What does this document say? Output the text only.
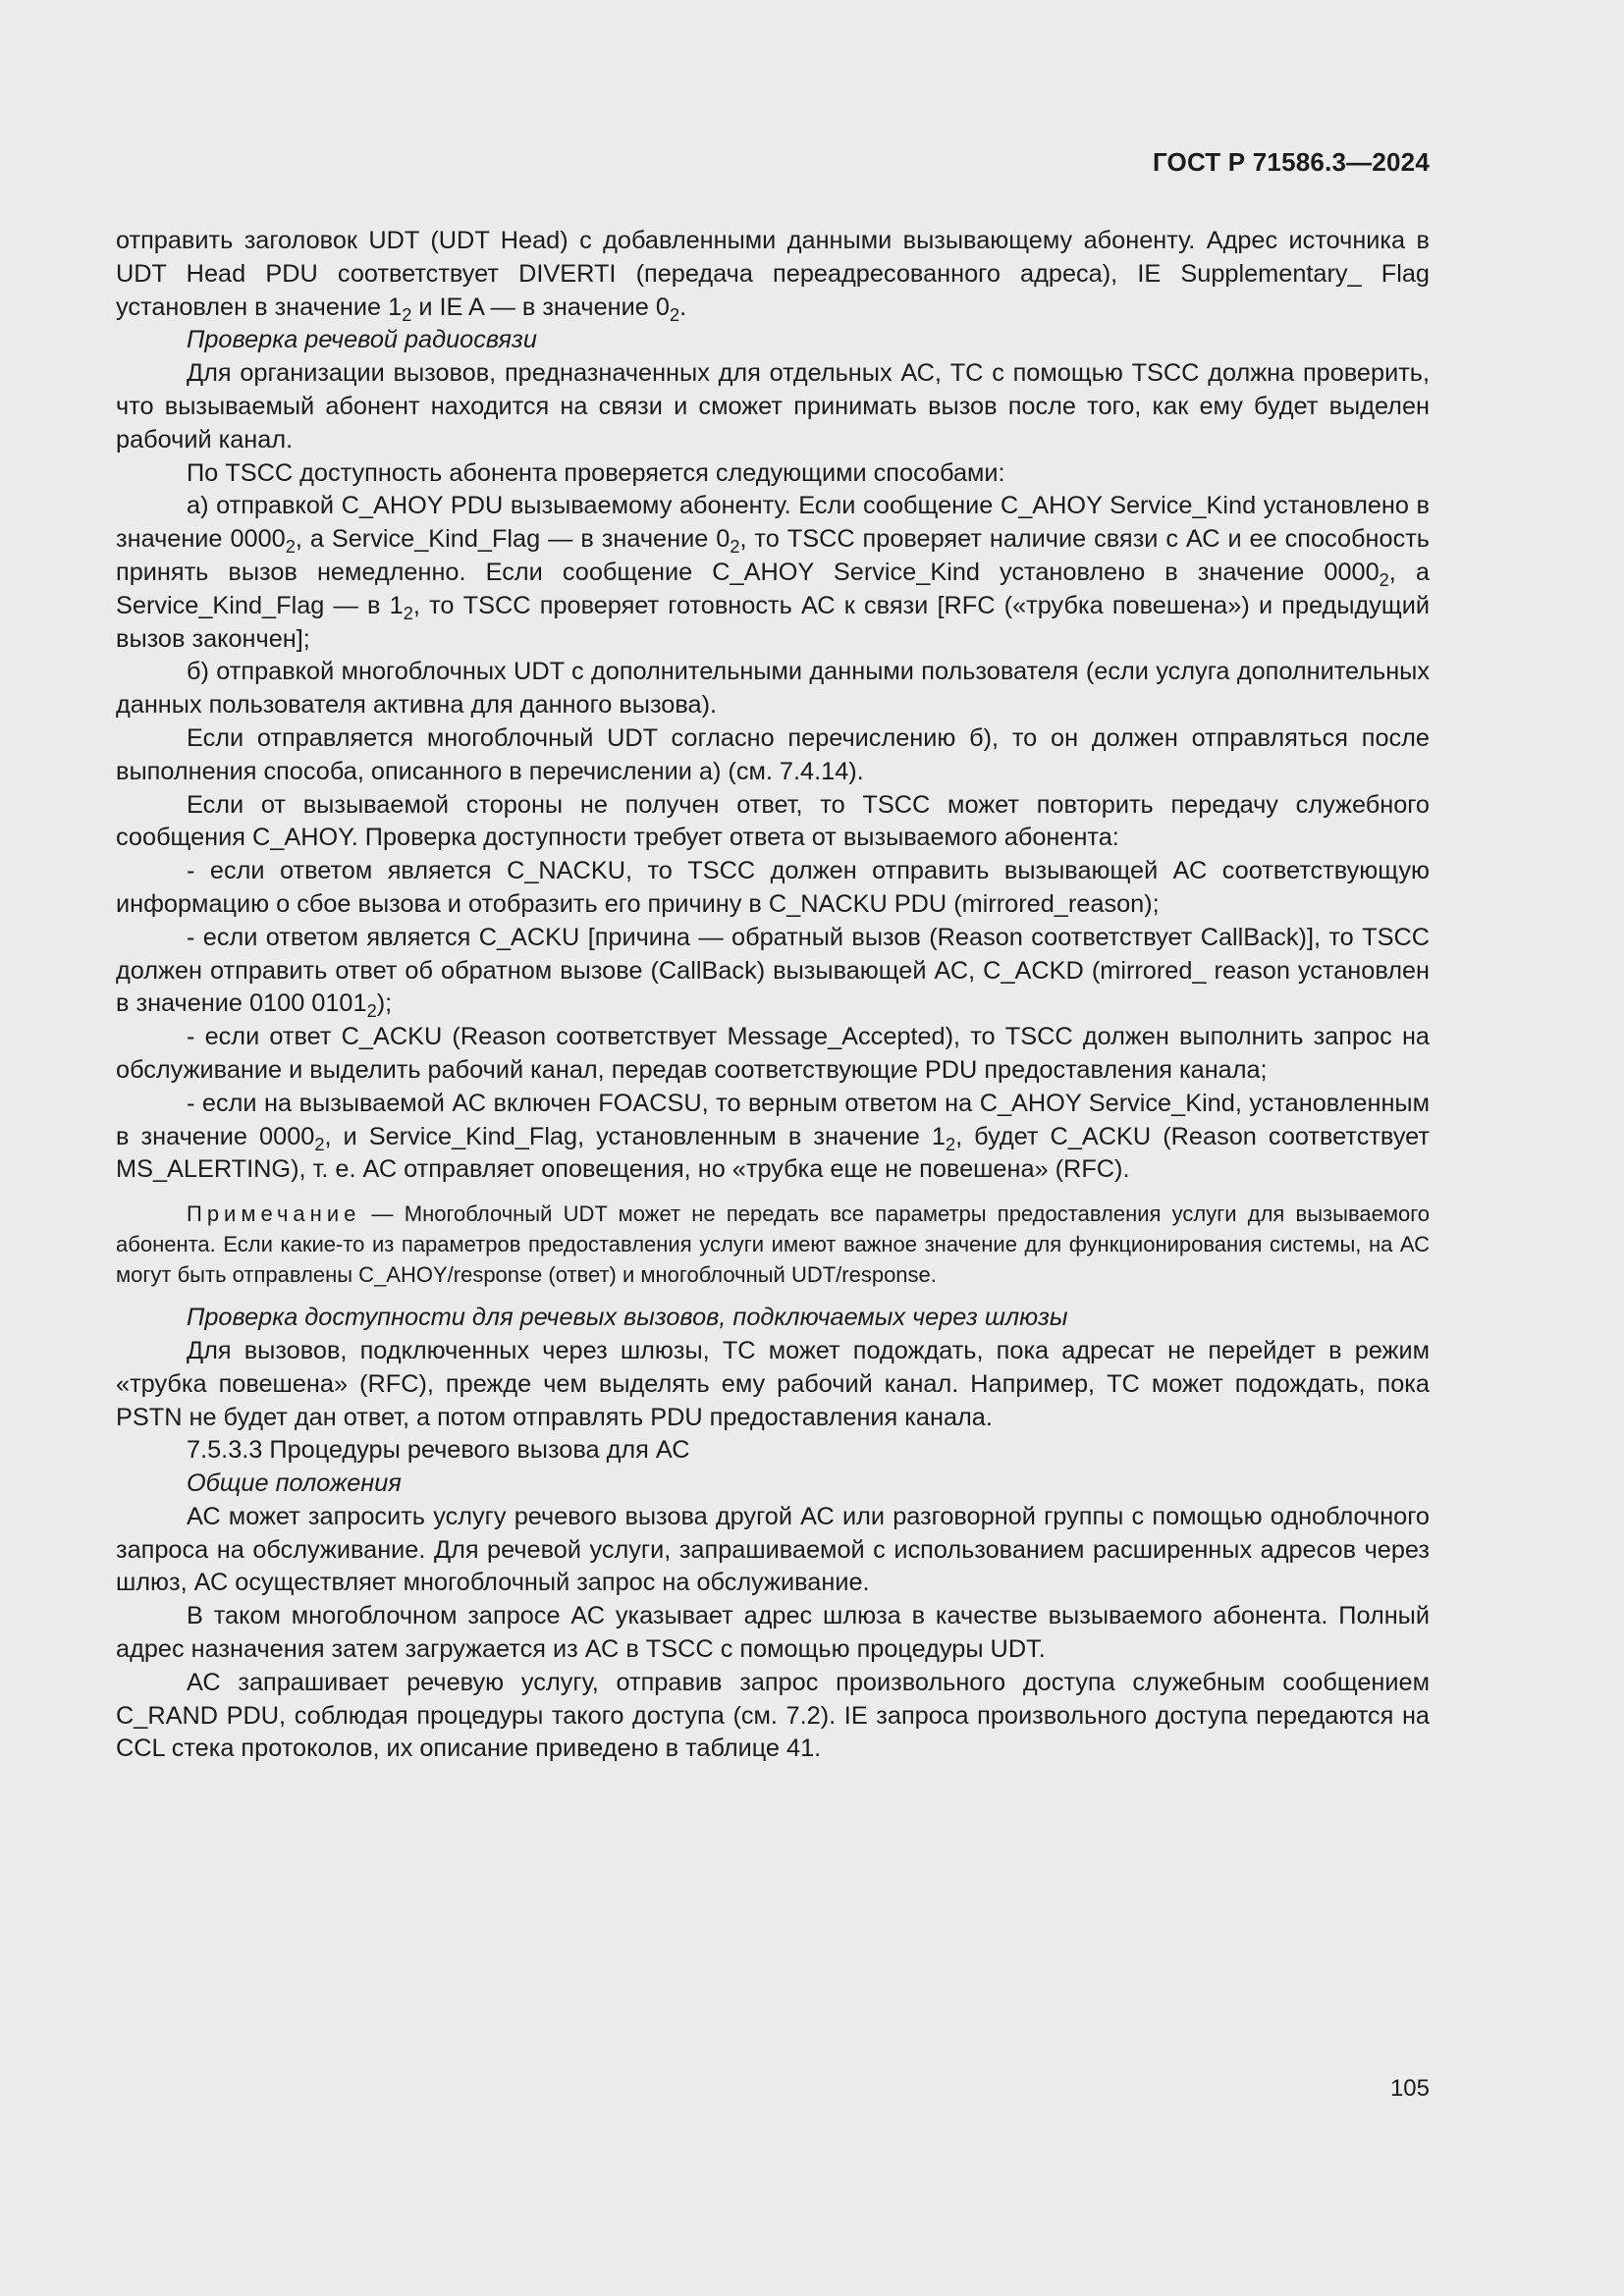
ГОСТ Р 71586.3—2024

отправить заголовок UDT (UDT Head) с добавленными данными вызывающему абоненту. Адрес источника в UDT Head PDU соответствует DIVERTI (передача переадресованного адреса), IE Supplementary_ Flag установлен в значение $1_2$ и IE A — в значение $0_2$.

Проверка речевой радиосвязи

Для организации вызовов, предназначенных для отдельных АС, ТС с помощью TSCC должна проверить, что вызываемый абонент находится на связи и сможет принимать вызов после того, как ему будет выделен рабочий канал.

По TSCC доступность абонента проверяется следующими способами:

а) отправкой C_AHOY PDU вызываемому абоненту. Если сообщение C_AHOY Service_Kind установлено в значение $0000_2$, а Service_Kind_Flag — в значение $0_2$, то TSCC проверяет наличие связи с АС и ее способность принять вызов немедленно. Если сообщение C_AHOY Service_Kind установлено в значение $0000_2$, а Service_Kind_Flag — в $1_2$, то TSCC проверяет готовность АС к связи [RFC («трубка повешена») и предыдущий вызов закончен];

б) отправкой многоблочных UDT с дополнительными данными пользователя (если услуга дополнительных данных пользователя активна для данного вызова).

Если отправляется многоблочный UDT согласно перечислению б), то он должен отправляться после выполнения способа, описанного в перечислении а) (см. 7.4.14).

Если от вызываемой стороны не получен ответ, то TSCC может повторить передачу служебного сообщения C_AHOY. Проверка доступности требует ответа от вызываемого абонента:

- если ответом является C_NACKU, то TSCC должен отправить вызывающей АС соответствующую информацию о сбое вызова и отобразить его причину в C_NACKU PDU (mirrored_reason);

- если ответом является C_ACKU [причина — обратный вызов (Reason соответствует CallBack)], то TSCC должен отправить ответ об обратном вызове (CallBack) вызывающей АС, C_ACKD (mirrored_ reason установлен в значение 0100 $0101_2$);

- если ответ C_ACKU (Reason соответствует Message_Accepted), то TSCC должен выполнить запрос на обслуживание и выделить рабочий канал, передав соответствующие PDU предоставления канала;

- если на вызываемой АС включен FOACSU, то верным ответом на C_AHOY Service_Kind, установленным в значение $0000_2$, и Service_Kind_Flag, установленным в значение $1_2$, будет C_ACKU (Reason соответствует MS_ALERTING), т. е. АС отправляет оповещения, но «трубка еще не повешена» (RFC).

Примечание — Многоблочный UDT может не передать все параметры предоставления услуги для вызываемого абонента. Если какие-то из параметров предоставления услуги имеют важное значение для функционирования системы, на АС могут быть отправлены C_AHOY/response (ответ) и многоблочный UDT/response.

Проверка доступности для речевых вызовов, подключаемых через шлюзы

Для вызовов, подключенных через шлюзы, ТС может подождать, пока адресат не перейдет в режим «трубка повешена» (RFC), прежде чем выделять ему рабочий канал. Например, ТС может подождать, пока PSTN не будет дан ответ, а потом отправлять PDU предоставления канала.

7.5.3.3 Процедуры речевого вызова для АС

Общие положения

АС может запросить услугу речевого вызова другой АС или разговорной группы с помощью одноблочного запроса на обслуживание. Для речевой услуги, запрашиваемой с использованием расширенных адресов через шлюз, АС осуществляет многоблочный запрос на обслуживание.

В таком многоблочном запросе АС указывает адрес шлюза в качестве вызываемого абонента. Полный адрес назначения затем загружается из АС в TSCC с помощью процедуры UDT.

АС запрашивает речевую услугу, отправив запрос произвольного доступа служебным сообщением C_RAND PDU, соблюдая процедуры такого доступа (см. 7.2). IE запроса произвольного доступа передаются на CCL стека протоколов, их описание приведено в таблице 41.

105
